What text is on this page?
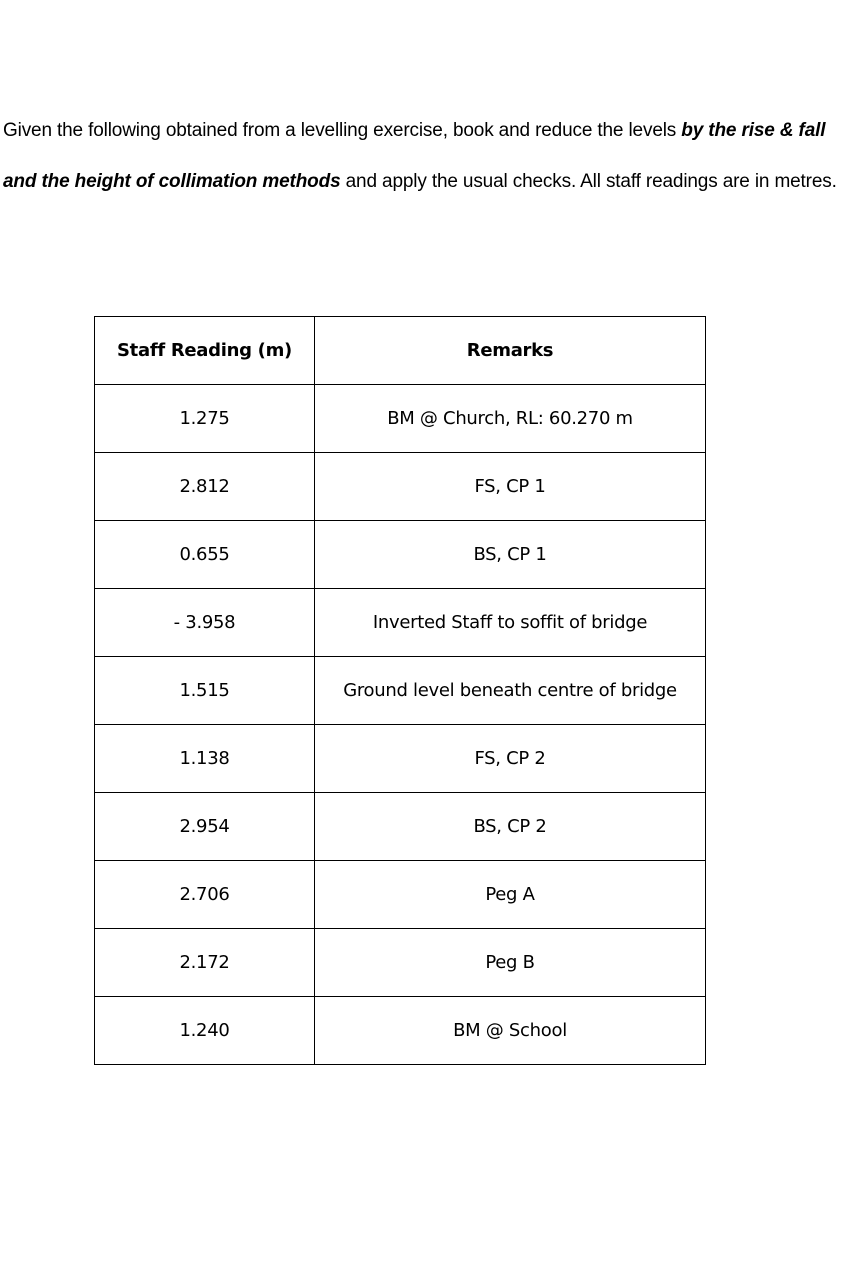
Given the following obtained from a levelling exercise, book and reduce the levels by the rise & fall and the height of collimation methods and apply the usual checks. All staff readings are in metres.

Staff Reading (m)	Remarks
1.275	BM @ Church, RL: 60.270 m
2.812	FS, CP 1
0.655	BS, CP 1
- 3.958	Inverted Staff to soffit of bridge
1.515	Ground level beneath centre of bridge
1.138	FS, CP 2
2.954	BS, CP 2
2.706	Peg A
2.172	Peg B
1.240	BM @ School
